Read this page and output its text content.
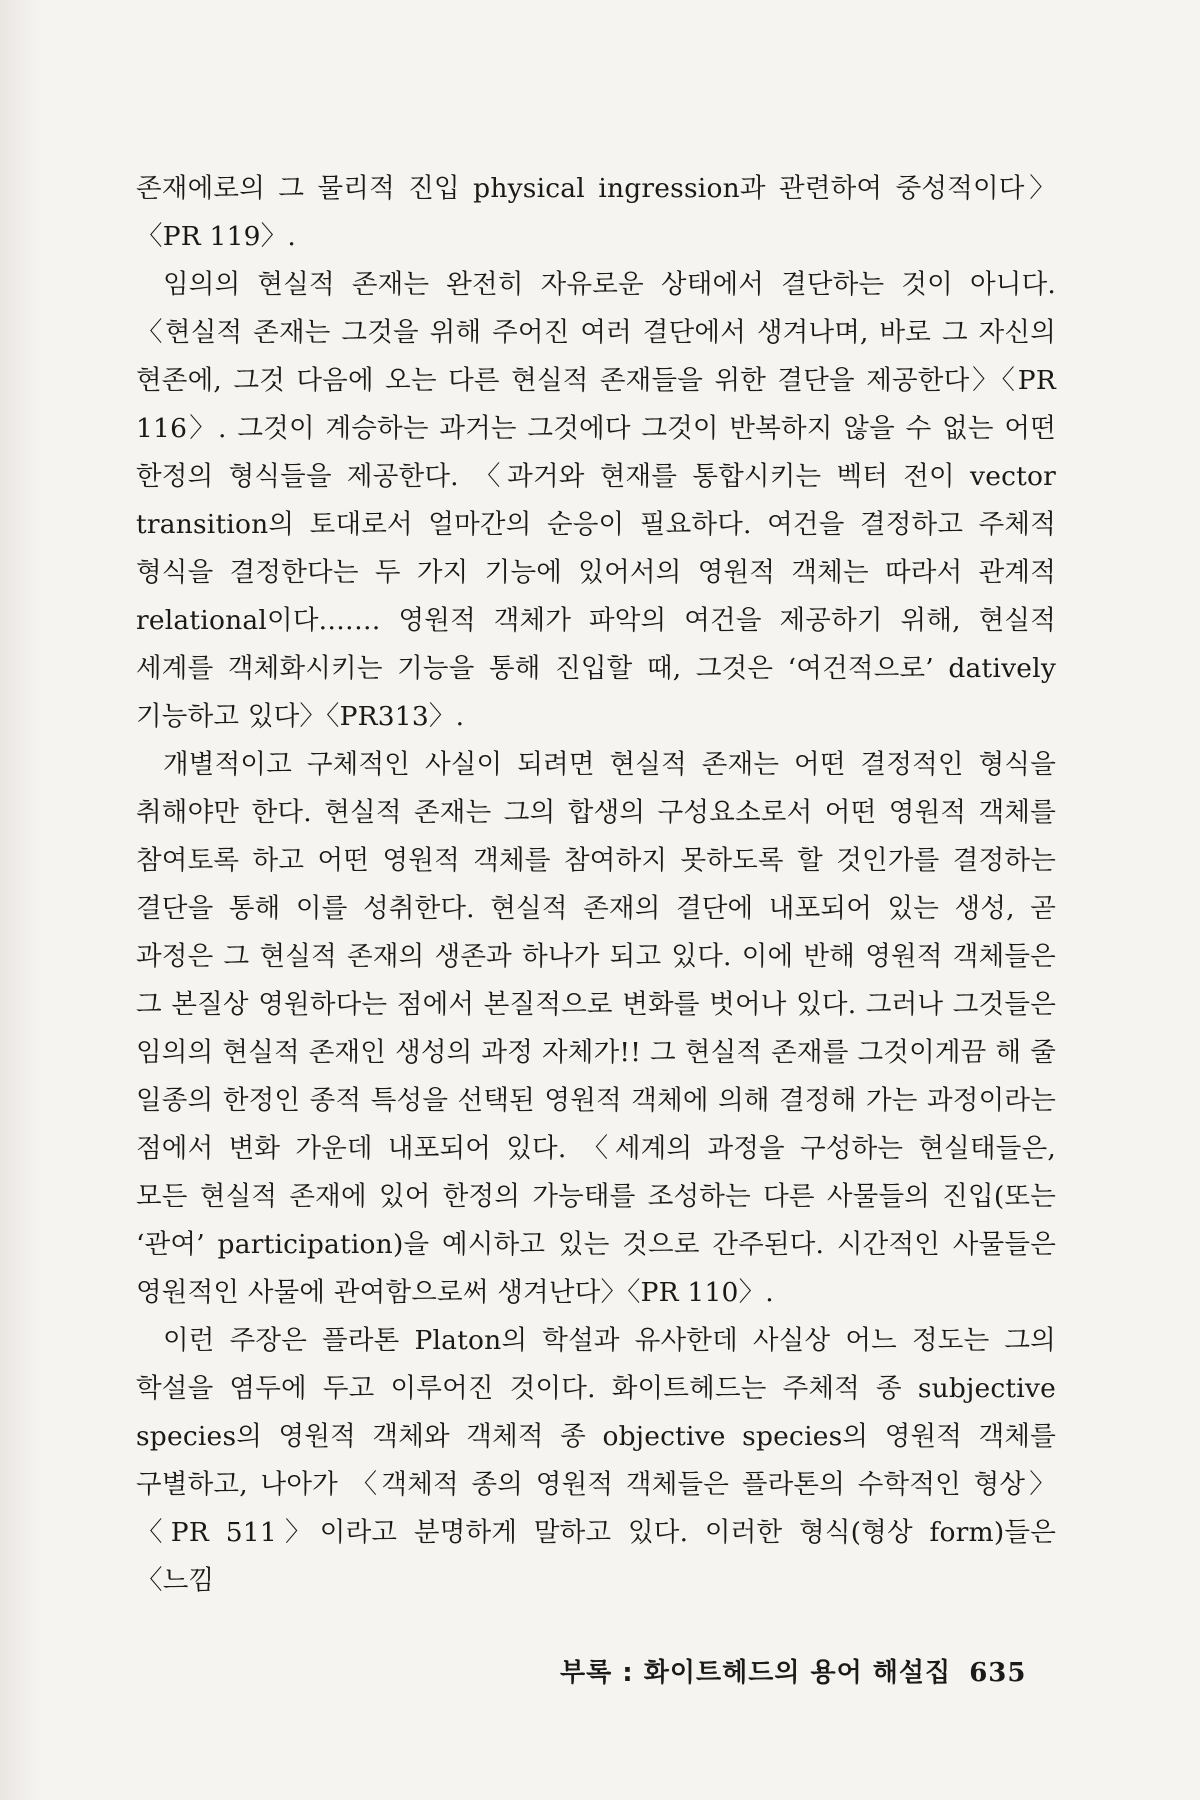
존재에로의 그 물리적 진입 physical ingression과 관련하여 중성적이다〉〈PR 119〉.

임의의 현실적 존재는 완전히 자유로운 상태에서 결단하는 것이 아니다. 〈현실적 존재는 그것을 위해 주어진 여러 결단에서 생겨나며, 바로 그 자신의 현존에, 그것 다음에 오는 다른 현실적 존재들을 위한 결단을 제공한다〉〈PR 116〉. 그것이 계승하는 과거는 그것에다 그것이 반복하지 않을 수 없는 어떤 한정의 형식들을 제공한다. 〈과거와 현재를 통합시키는 벡터 전이 vector transition의 토대로서 얼마간의 순응이 필요하다. 여건을 결정하고 주체적 형식을 결정한다는 두 가지 기능에 있어서의 영원적 객체는 따라서 관계적 relational이다.…… 영원적 객체가 파악의 여건을 제공하기 위해, 현실적 세계를 객체화시키는 기능을 통해 진입할 때, 그것은 ‘여건적으로’ datively 기능하고 있다〉〈PR313〉.

개별적이고 구체적인 사실이 되려면 현실적 존재는 어떤 결정적인 형식을 취해야만 한다. 현실적 존재는 그의 합생의 구성요소로서 어떤 영원적 객체를 참여토록 하고 어떤 영원적 객체를 참여하지 못하도록 할 것인가를 결정하는 결단을 통해 이를 성취한다. 현실적 존재의 결단에 내포되어 있는 생성, 곧 과정은 그 현실적 존재의 생존과 하나가 되고 있다. 이에 반해 영원적 객체들은 그 본질상 영원하다는 점에서 본질적으로 변화를 벗어나 있다. 그러나 그것들은 임의의 현실적 존재인 생성의 과정 자체가!! 그 현실적 존재를 그것이게끔 해 줄 일종의 한정인 종적 특성을 선택된 영원적 객체에 의해 결정해 가는 과정이라는 점에서 변화 가운데 내포되어 있다. 〈세계의 과정을 구성하는 현실태들은, 모든 현실적 존재에 있어 한정의 가능태를 조성하는 다른 사물들의 진입(또는 ‘관여’ participation)을 예시하고 있는 것으로 간주된다. 시간적인 사물들은 영원적인 사물에 관여함으로써 생겨난다〉〈PR 110〉.

이런 주장은 플라톤 Platon의 학설과 유사한데 사실상 어느 정도는 그의 학설을 염두에 두고 이루어진 것이다. 화이트헤드는 주체적 종 subjective species의 영원적 객체와 객체적 종 objective species의 영원적 객체를 구별하고, 나아가 〈객체적 종의 영원적 객체들은 플라톤의 수학적인 형상〉〈PR 511〉이라고 분명하게 말하고 있다. 이러한 형식(형상 form)들은 〈느낌

부록 : 화이트헤드의 용어 해설집 635
